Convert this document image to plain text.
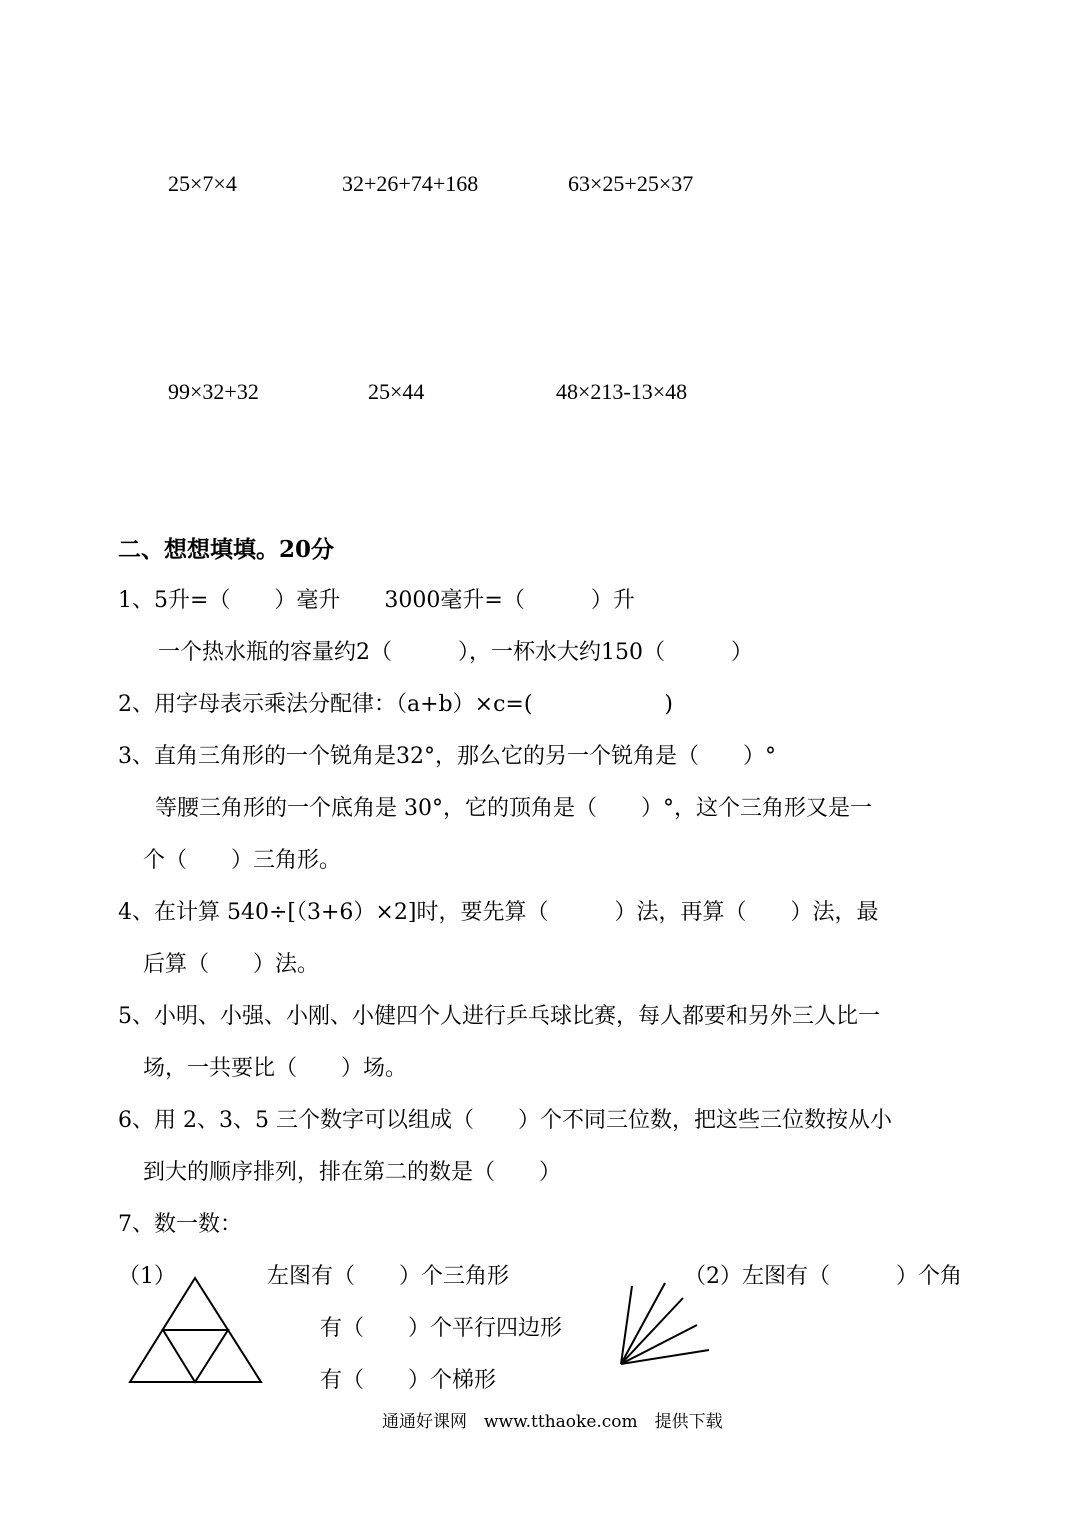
25×7×4	32+26+74+168	63×25+25×37
99×32+32	25×44	48×213-13×48
二、想想填填。20分
1、5升=（　　）毫升　　3000毫升=（　　　）升
一个热水瓶的容量约2（　　　），一杯水大约150（　　　）
2、用字母表示乘法分配律：（a+b）×c=(　　　　　　)
3、直角三角形的一个锐角是32°，那么它的另一个锐角是（　　）°
等腰三角形的一个底角是 30°，它的顶角是（　　）°，这个三角形又是一
个（　　）三角形。
4、在计算 540÷[（3+6）×2]时，要先算（　　　）法，再算（　　）法，最
后算（　　）法。
5、小明、小强、小刚、小健四个人进行乒乓球比赛，每人都要和另外三人比一
场，一共要比（　　）场。
6、用 2、3、5 三个数字可以组成（　　）个不同三位数，把这些三位数按从小
到大的顺序排列，排在第二的数是（　　）
7、数一数：
（1）	左图有（　　）个三角形
有（　　）个平行四边形
有（　　）个梯形
（2）左图有（　　　）个角
通通好课网　www.tthaoke.com　提供下载
